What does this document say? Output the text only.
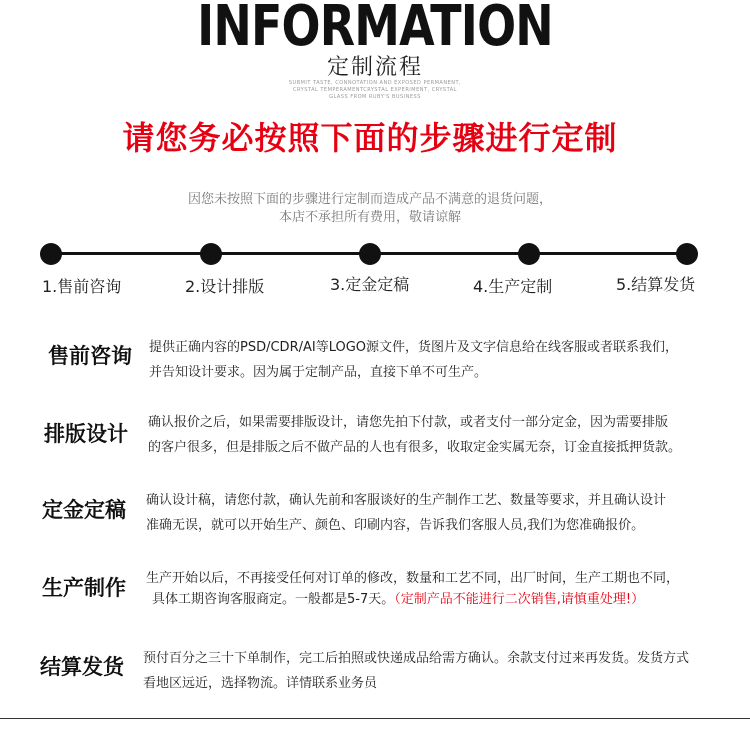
INFORMATION
定制流程
SUBMIT TASTE, CONNOTATION AND EXPOSED PERMANENT,
CRYSTAL TEMPERAMENTCRYSTAL EXPERIMENT, CRYSTAL
GLASS FROM RUBY'S BUSINESS
请您务必按照下面的步骤进行定制
因您未按照下面的步骤进行定制而造成产品不满意的退货问题，
本店不承担所有费用，敬请谅解
1.售前咨询	2.设计排版	3.定金定稿	4.生产定制	5.结算发货
售前咨询 提供正确内容的PSD/CDR/AI等LOGO源文件，货图片及文字信息给在线客服或者联系我们，
并告知设计要求。因为属于定制产品，直接下单不可生产。
排版设计 确认报价之后，如果需要排版设计，请您先拍下付款，或者支付一部分定金，因为需要排版
的客户很多，但是排版之后不做产品的人也有很多，收取定金实属无奈，订金直接抵押货款。
定金定稿 确认设计稿，请您付款，确认先前和客服谈好的生产制作工艺、数量等要求，并且确认设计
准确无误，就可以开始生产、颜色、印刷内容，告诉我们客服人员,我们为您准确报价。
生产制作 生产开始以后，不再接受任何对订单的修改，数量和工艺不同，出厂时间，生产工期也不同，
具体工期咨询客服商定。一般都是5-7天。（定制产品不能进行二次销售,请慎重处理!）
结算发货 预付百分之三十下单制作，完工后拍照或快递成品给需方确认。余款支付过来再发货。发货方式
看地区远近，选择物流。详情联系业务员
